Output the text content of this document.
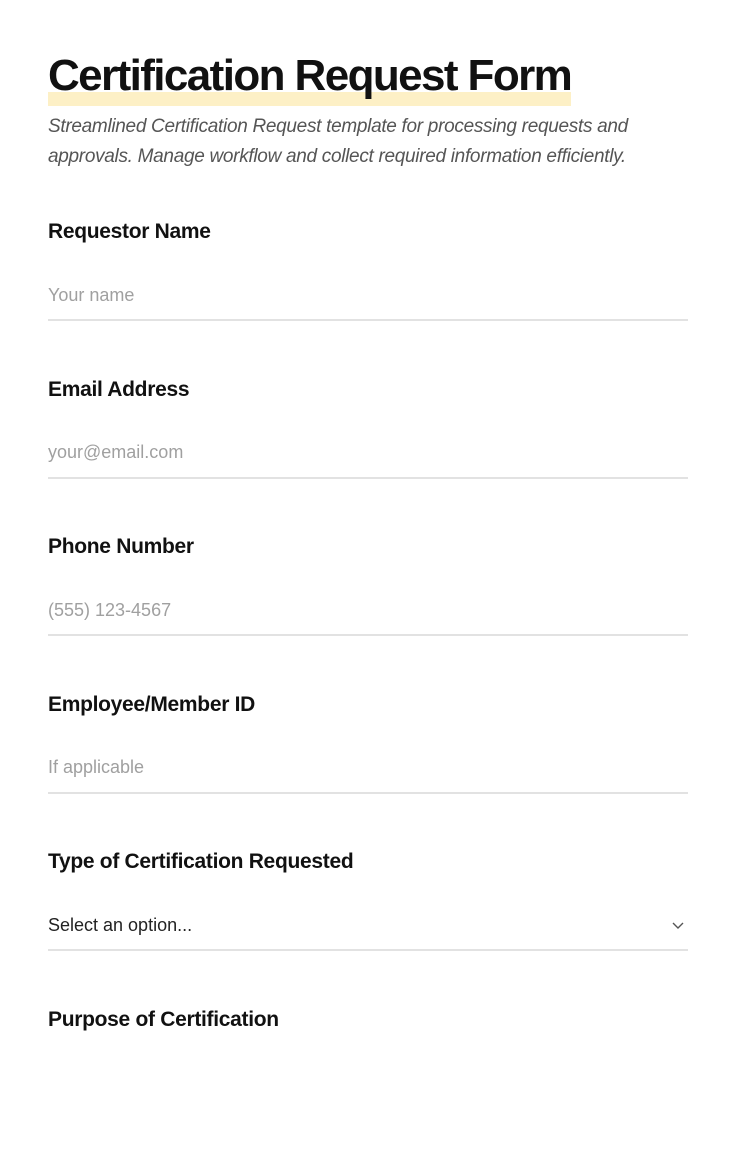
Certification Request Form

Streamlined Certification Request template for processing requests and approvals. Manage workflow and collect required information efficiently.

Requestor Name
Your name
Email Address
your@email.com
Phone Number
(555) 123-4567
Employee/Member ID
If applicable
Type of Certification Requested
Select an option...
Purpose of Certification
